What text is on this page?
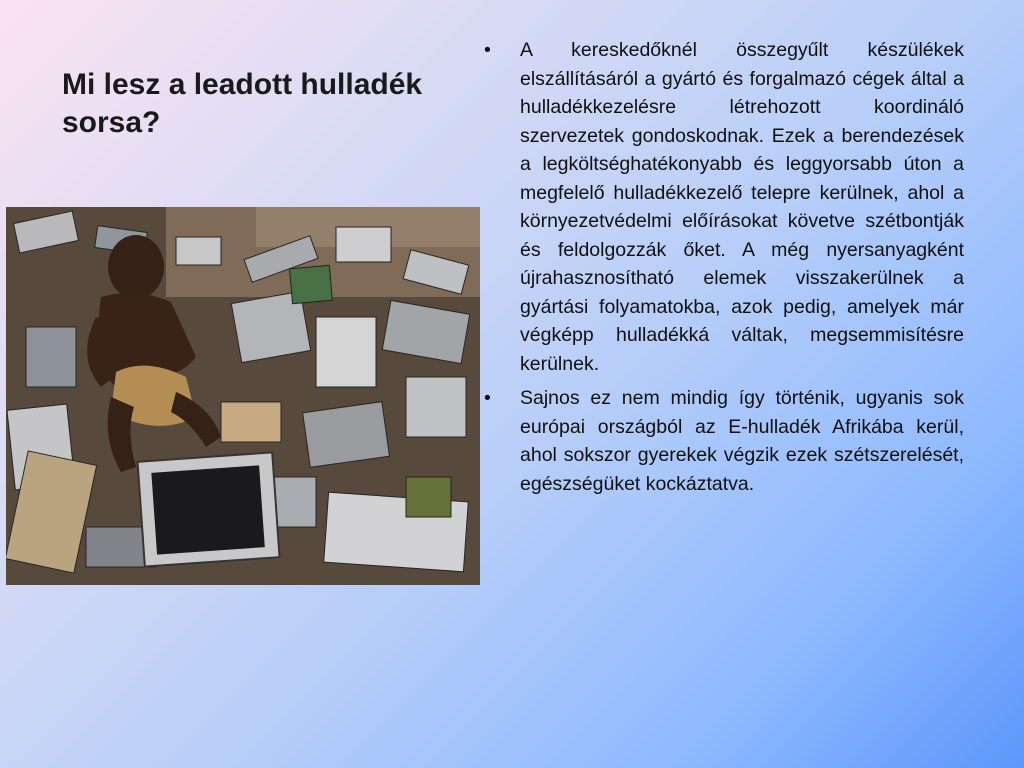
Mi lesz a leadott hulladék sorsa?
•	A kereskedőknél összegyűlt készülékek elszállításáról a gyártó és forgalmazó cégek által a hulladékkezelésre létrehozott koordináló szervezetek gondoskodnak. Ezek a berendezések a legköltséghatékonyabb és leggyorsabb úton a megfelelő hulladékkezelő telepre kerülnek, ahol a környezetvédelmi előírásokat követve szétbontják és feldolgozzák őket. A még nyersanyagként újrahasznosítható elemek visszakerülnek a gyártási folyamatokba, azok pedig, amelyek már végképp hulladékká váltak, megsemmisítésre kerülnek.
•	Sajnos ez nem mindig így történik, ugyanis sok európai országból az E-hulladék Afrikába kerül, ahol sokszor gyerekek végzik ezek szétszerelését, egészségüket kockáztatva.
